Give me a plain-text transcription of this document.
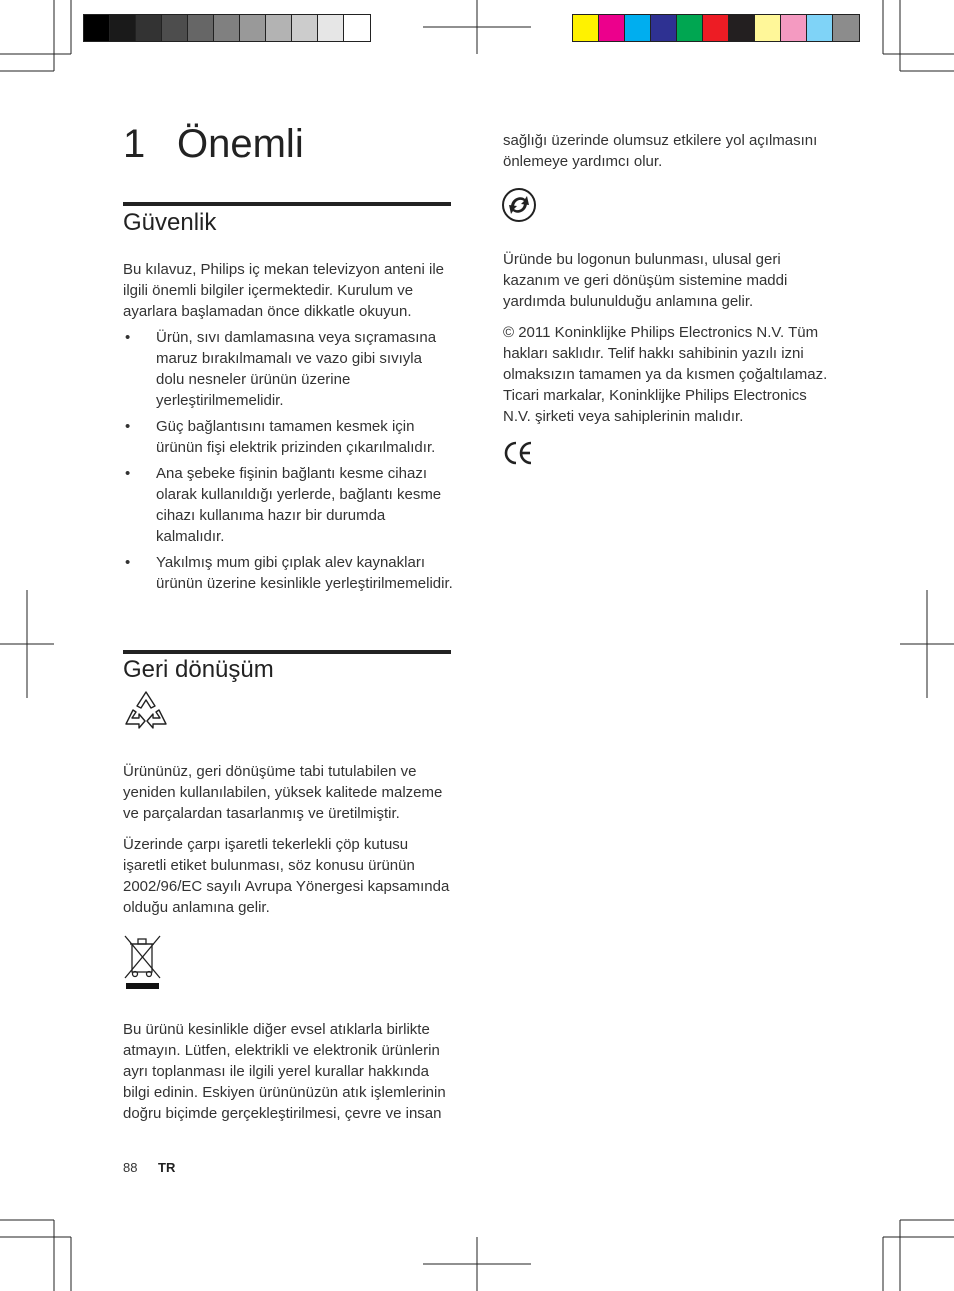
1 Önemli
Güvenlik

Bu kılavuz, Philips iç mekan televizyon anteni ile ilgili önemli bilgiler içermektedir. Kurulum ve ayarlara başlamadan önce dikkatle okuyun.

• Ürün, sıvı damlamasına veya sıçramasına maruz bırakılmamalı ve vazo gibi sıvıyla dolu nesneler ürünün üzerine yerleştirilmemelidir.
• Güç bağlantısını tamamen kesmek için ürünün fişi elektrik prizinden çıkarılmalıdır.
• Ana şebeke fişinin bağlantı kesme cihazı olarak kullanıldığı yerlerde, bağlantı kesme cihazı kullanıma hazır bir durumda kalmalıdır.
• Yakılmış mum gibi çıplak alev kaynakları ürünün üzerine kesinlikle yerleştirilmemelidir.
Geri dönüşüm

Ürününüz, geri dönüşüme tabi tutulabilen ve yeniden kullanılabilen, yüksek kalitede malzeme ve parçalardan tasarlanmış ve üretilmiştir.

Üzerinde çarpı işaretli tekerlekli çöp kutusu işaretli etiket bulunması, söz konusu ürünün 2002/96/EC sayılı Avrupa Yönergesi kapsamında olduğu anlamına gelir.

Bu ürünü kesinlikle diğer evsel atıklarla birlikte atmayın. Lütfen, elektrikli ve elektronik ürünlerin ayrı toplanması ile ilgili yerel kurallar hakkında bilgi edinin. Eskiyen ürününüzün atık işlemlerinin doğru biçimde gerçekleştirilmesi, çevre ve insan

sağlığı üzerinde olumsuz etkilere yol açılmasını önlemeye yardımcı olur.

Üründe bu logonun bulunması, ulusal geri kazanım ve geri dönüşüm sistemine maddi yardımda bulunulduğu anlamına gelir.

© 2011 Koninklijke Philips Electronics N.V. Tüm hakları saklıdır. Telif hakkı sahibinin yazılı izni olmaksızın tamamen ya da kısmen çoğaltılamaz. Ticari markalar, Koninklijke Philips Electronics N.V. şirketi veya sahiplerinin malıdır.

88 TR
